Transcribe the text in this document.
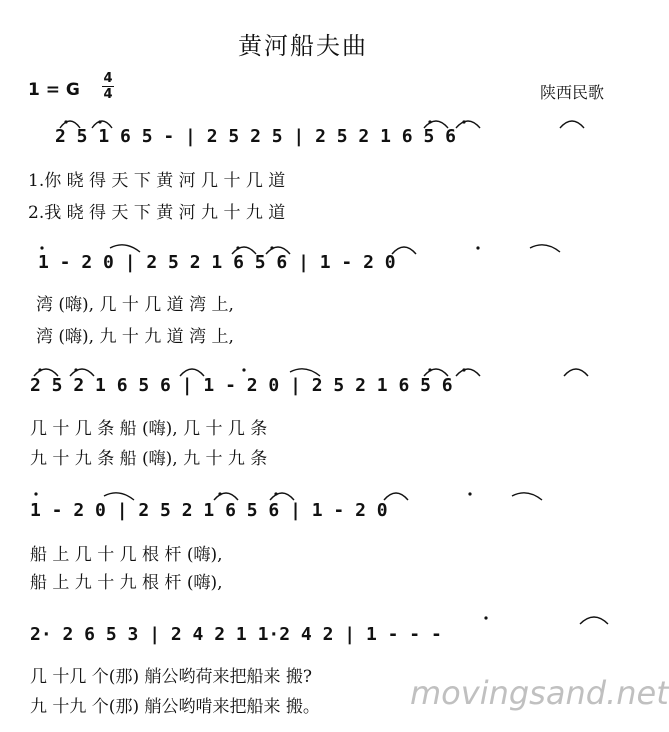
黄河船夫曲
1 = G
4
4	陕西民歌
2 5 1 6 5 - | 2 5 2 5 | 2 5 2 1 6 5 6
1.你 晓 得 天 下 黄 河 几 十 几 道
2.我 晓 得 天 下 黄 河 九 十 九 道
1 - 2 0 | 2 5 2 1 6 5 6 | 1 - 2 0
湾 (嗨), 几 十 几 道 湾 上,
湾 (嗨), 九 十 九 道 湾 上,
2 5 2 1 6 5 6 | 1 - 2 0 | 2 5 2 1 6 5 6
几 十 几 条 船 (嗨), 几 十 几 条
九 十 九 条 船 (嗨), 九 十 九 条
1 - 2 0 | 2 5 2 1 6 5 6 | 1 - 2 0
船 上 几 十 几 根 杆 (嗨),
船 上 九 十 九 根 杆 (嗨),
2· 2 6 5 3 | 2 4 2 1 1·2 4 2 | 1 - - -
几 十几 个(那) 艄公哟荷来把船来 搬?
九 十九 个(那) 艄公哟啃来把船来 搬。	movingsand.net
